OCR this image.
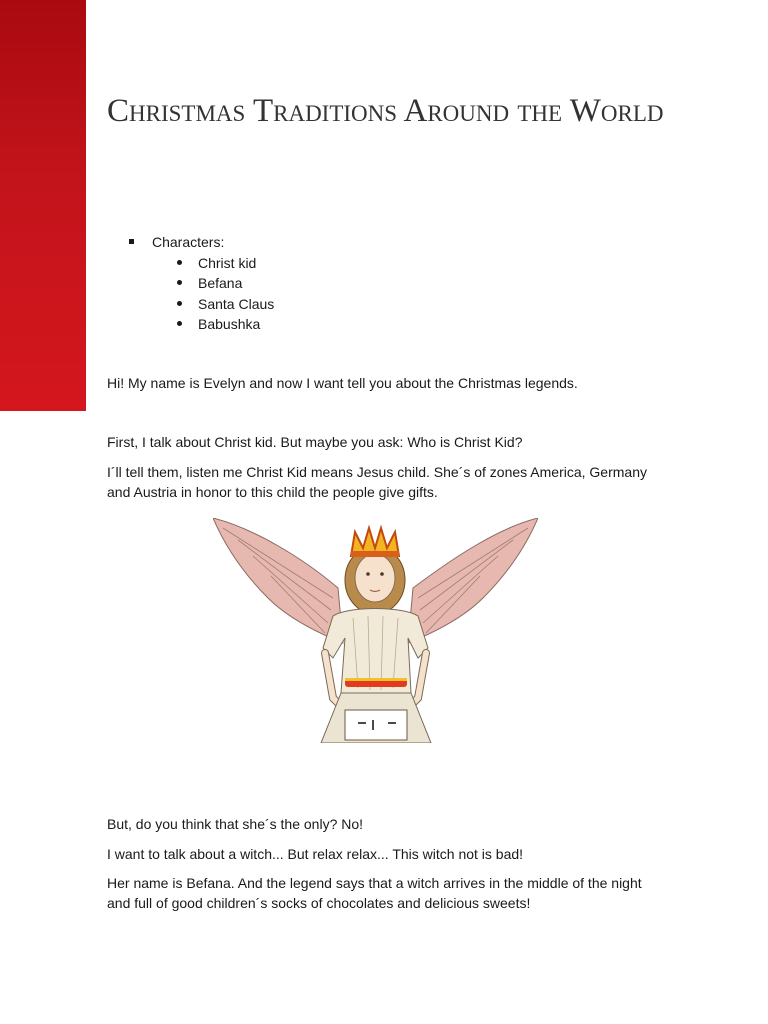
Christmas Traditions Around the World
Characters:
Christ kid
Befana
Santa Claus
Babushka

Hi! My name is Evelyn and now I want tell you about the Christmas legends.

First, I talk about Christ kid. But maybe you ask: Who is Christ Kid?

I´ll tell them, listen me Christ Kid means Jesus child. She´s of zones America, Germany and Austria in honor to this child the people give gifts.

But, do you think that she´s the only? No!

I want to talk about a witch... But relax relax... This witch not is bad!

Her name is Befana. And the legend says that a witch arrives in the middle of the night and full of good children´s socks of chocolates and delicious sweets!
